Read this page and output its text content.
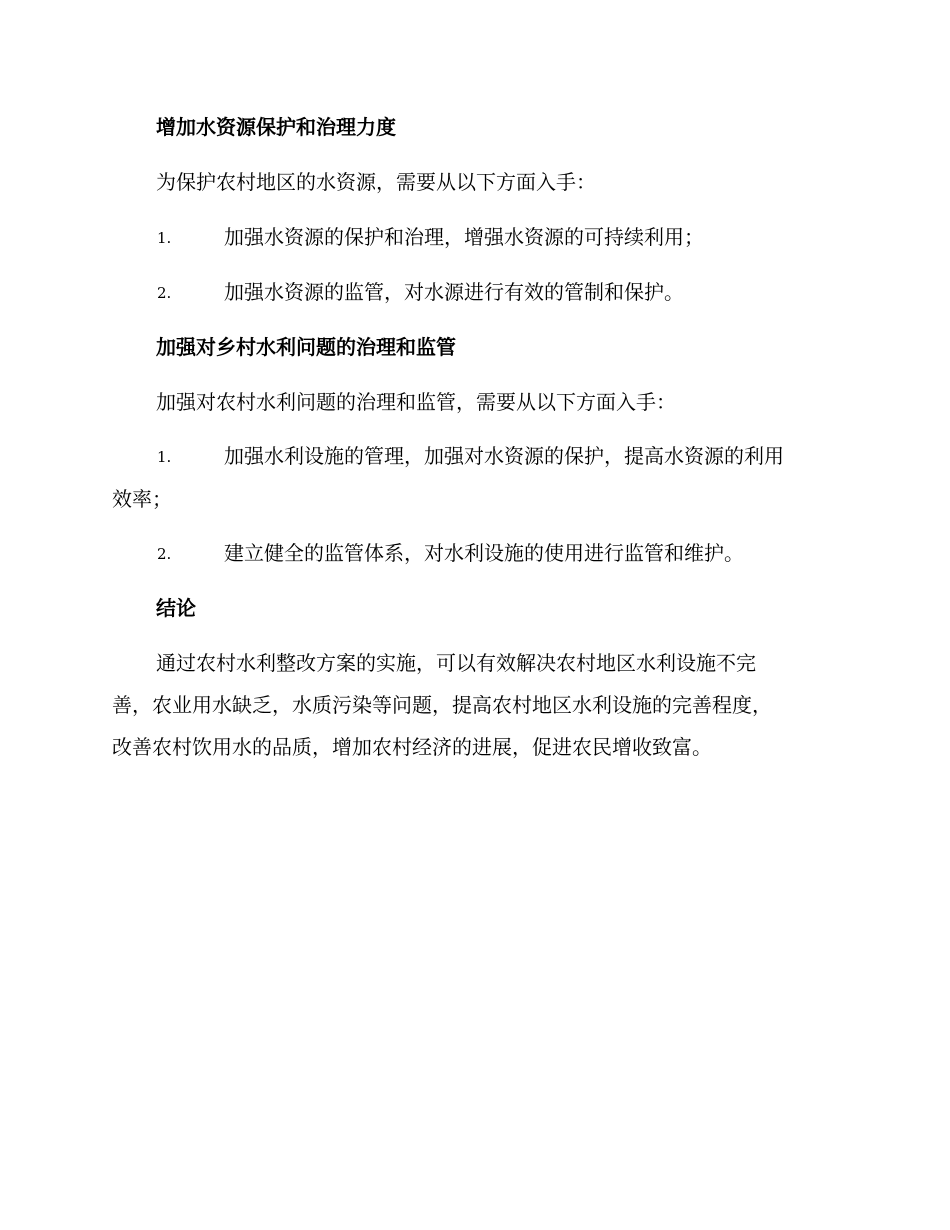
增加水资源保护和治理力度
为保护农村地区的水资源，需要从以下方面入手：
1.	加强水资源的保护和治理，增强水资源的可持续利用；
2.	加强水资源的监管，对水源进行有效的管制和保护。
加强对乡村水利问题的治理和监管
加强对农村水利问题的治理和监管，需要从以下方面入手：
1.	加强水利设施的管理，加强对水资源的保护，提高水资源的利用
效率；
2.	建立健全的监管体系，对水利设施的使用进行监管和维护。
结论
通过农村水利整改方案的实施，可以有效解决农村地区水利设施不完
善，农业用水缺乏，水质污染等问题，提高农村地区水利设施的完善程度，
改善农村饮用水的品质，增加农村经济的进展，促进农民增收致富。
